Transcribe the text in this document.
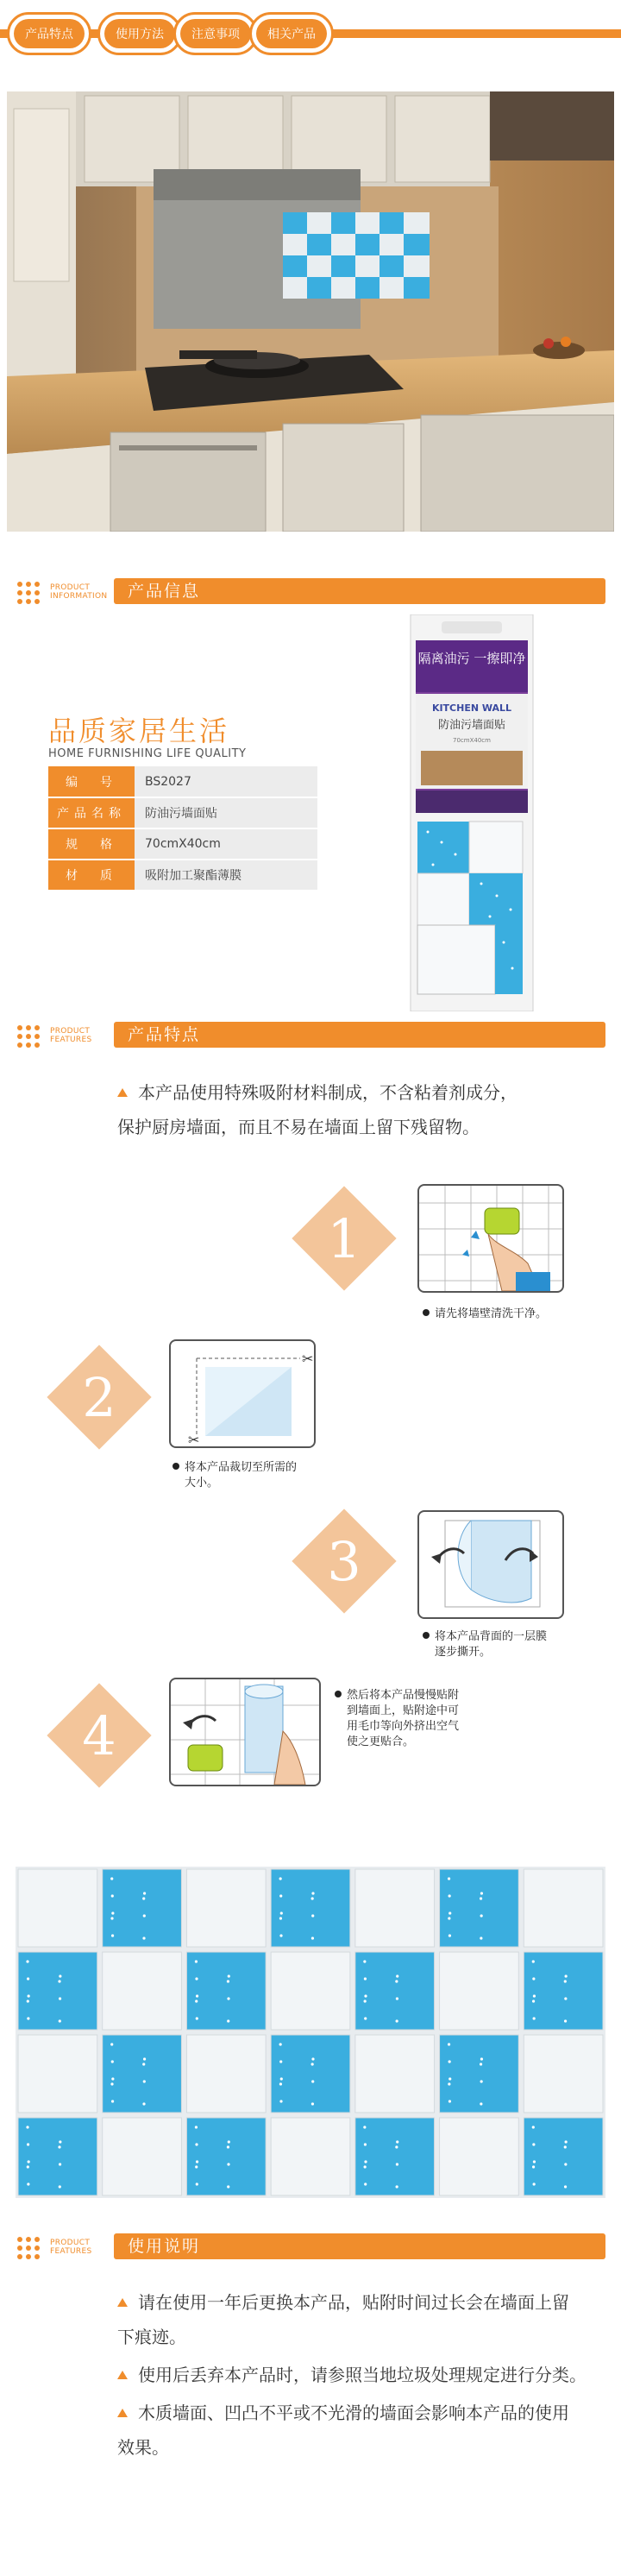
产品特点	使用方法	注意事项	相关产品
PRODUCT
INFORMATION	产品信息
品质家居生活
HOME FURNISHING LIFE QUALITY
编　号	BS2027
产品名称	防油污墙面贴
规　格	70cmX40cm
材　质	吸附加工聚酯薄膜
隔离油污 一擦即净
KITCHEN WALL
防油污墙面贴
70cmX40cm
PRODUCT
FEATURES	产品特点
本产品使用特殊吸附材料制成，不含粘着剂成分，
保护厨房墙面，而且不易在墙面上留下残留物。
1
请先将墙壁清洗干净。
2
✂
✂
将本产品裁切至所需的
大小。
3
将本产品背面的一层膜
逐步撕开。
4
然后将本产品慢慢贴附
到墙面上，贴附途中可
用毛巾等向外挤出空气
使之更贴合。
PRODUCT
FEATURES	使用说明

请在使用一年后更换本产品，贴附时间过长会在墙面上留
下痕迹。

使用后丢弃本产品时，请参照当地垃圾处理规定进行分类。

木质墙面、凹凸不平或不光滑的墙面会影响本产品的使用
效果。
